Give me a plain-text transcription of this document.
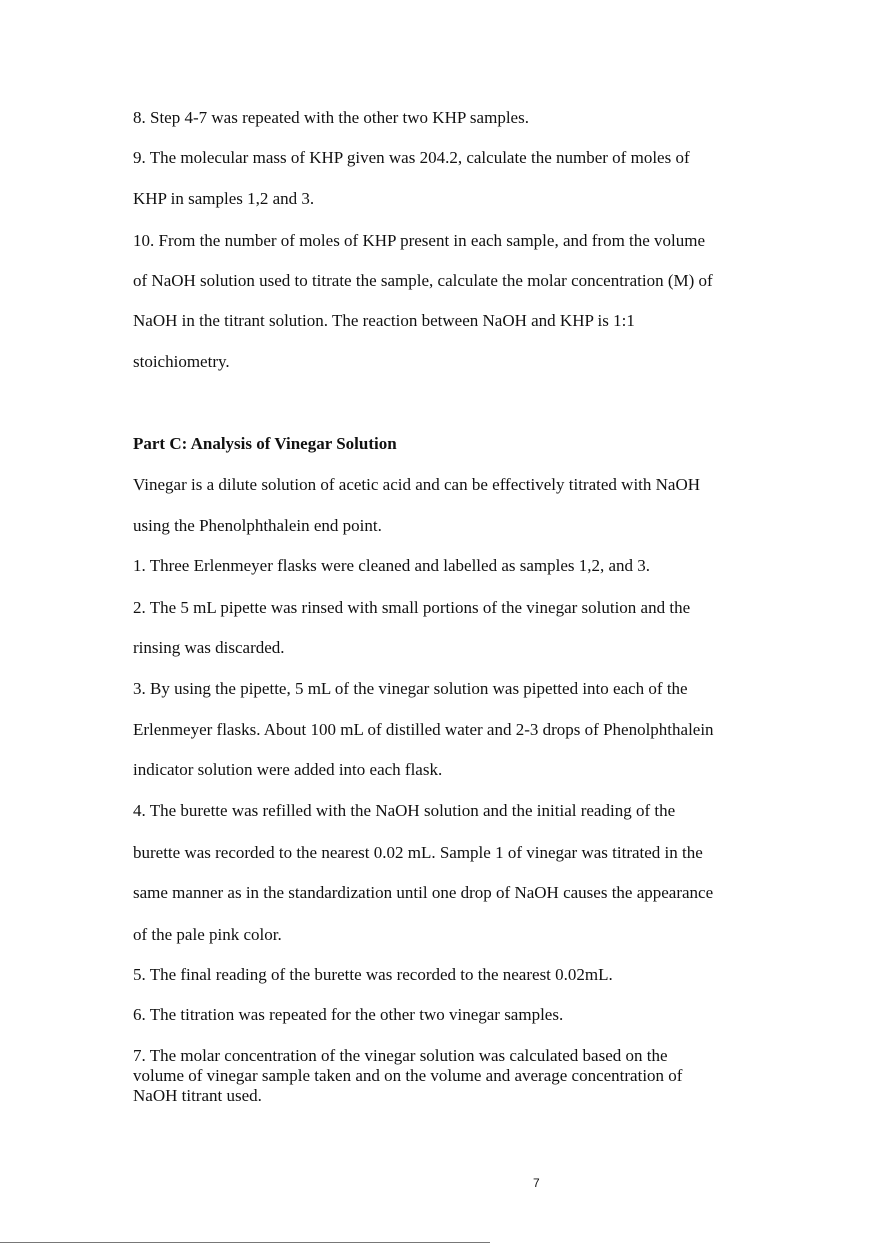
8. Step 4-7 was repeated with the other two KHP samples.
9. The molecular mass of KHP given was 204.2, calculate the number of moles of
KHP in samples 1,2 and 3.
10. From the number of moles of KHP present in each sample, and from the volume
of NaOH solution used to titrate the sample, calculate the molar concentration (M) of
NaOH in the titrant solution. The reaction between NaOH and KHP is 1:1
stoichiometry.
Part C: Analysis of Vinegar Solution
Vinegar is a dilute solution of acetic acid and can be effectively titrated with NaOH
using the Phenolphthalein end point.
1. Three Erlenmeyer flasks were cleaned and labelled as samples 1,2, and 3.
2. The 5 mL pipette was rinsed with small portions of the vinegar solution and the
rinsing was discarded.
3. By using the pipette, 5 mL of the vinegar solution was pipetted into each of the
Erlenmeyer flasks. About 100 mL of distilled water and 2-3 drops of Phenolphthalein
indicator solution were added into each flask.
4. The burette was refilled with the NaOH solution and the initial reading of the
burette was recorded to the nearest 0.02 mL. Sample 1 of vinegar was titrated in the
same manner as in the standardization until one drop of NaOH causes the appearance
of the pale pink color.
5. The final reading of the burette was recorded to the nearest 0.02mL.
6. The titration was repeated for the other two vinegar samples.
7. The molar concentration of the vinegar solution was calculated based on the
volume of vinegar sample taken and on the volume and average concentration of
NaOH titrant used.
7
